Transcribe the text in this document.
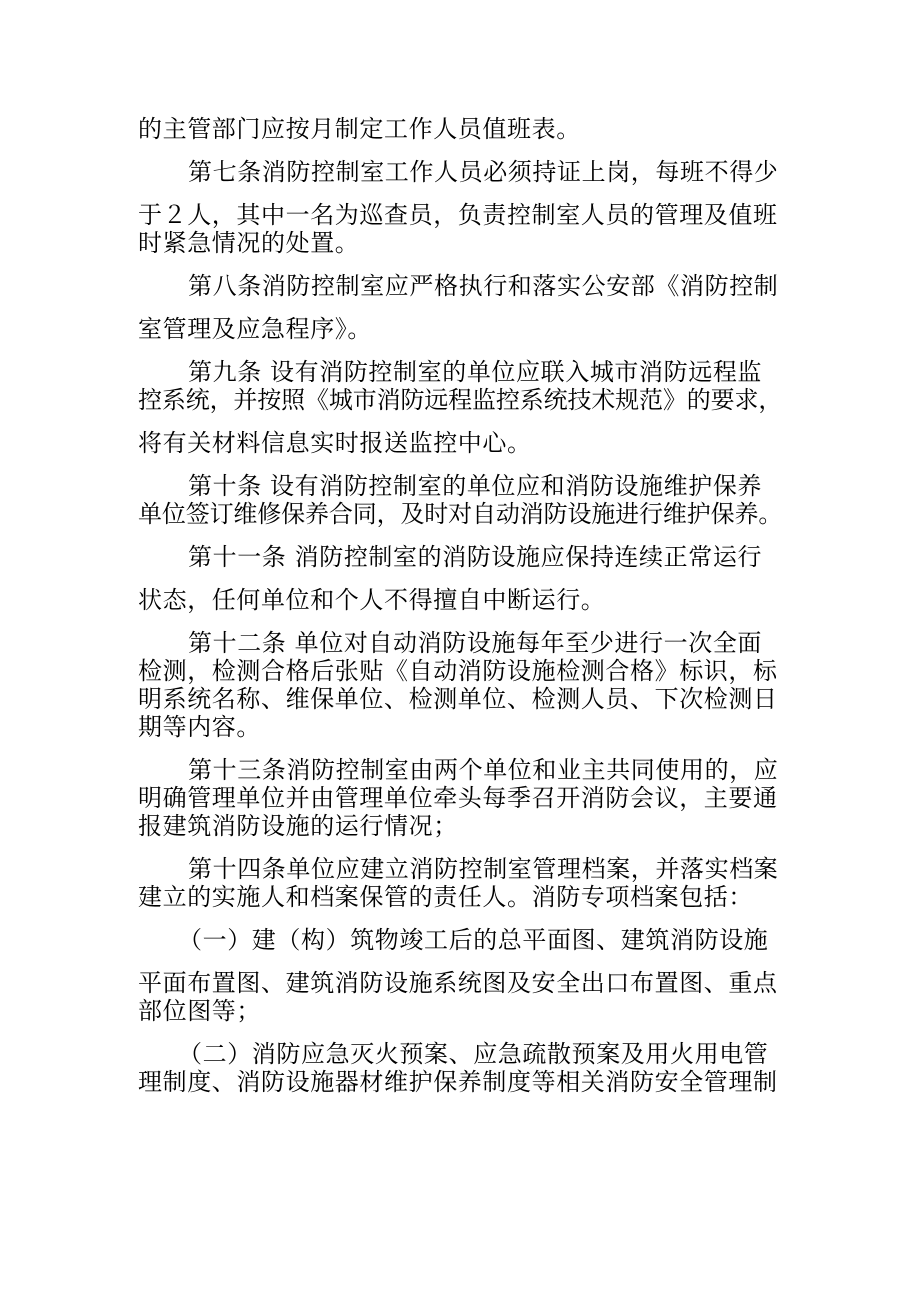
的主管部门应按月制定工作人员值班表。
第七条消防控制室工作人员必须持证上岗，每班不得少
于２人，其中一名为巡查员，负责控制室人员的管理及值班
时紧急情况的处置。
第八条消防控制室应严格执行和落实公安部《消防控制
室管理及应急程序》。
第九条 设有消防控制室的单位应联入城市消防远程监
控系统，并按照《城市消防远程监控系统技术规范》的要求，
将有关材料信息实时报送监控中心。
第十条 设有消防控制室的单位应和消防设施维护保养
单位签订维修保养合同，及时对自动消防设施进行维护保养。
第十一条 消防控制室的消防设施应保持连续正常运行
状态，任何单位和个人不得擅自中断运行。
第十二条 单位对自动消防设施每年至少进行一次全面
检测，检测合格后张贴《自动消防设施检测合格》标识，标
明系统名称、维保单位、检测单位、检测人员、下次检测日
期等内容。
第十三条消防控制室由两个单位和业主共同使用的，应
明确管理单位并由管理单位牵头每季召开消防会议，主要通
报建筑消防设施的运行情况；
第十四条单位应建立消防控制室管理档案，并落实档案
建立的实施人和档案保管的责任人。消防专项档案包括：
（一）建（构）筑物竣工后的总平面图、建筑消防设施
平面布置图、建筑消防设施系统图及安全出口布置图、重点
部位图等；
（二）消防应急灭火预案、应急疏散预案及用火用电管
理制度、消防设施器材维护保养制度等相关消防安全管理制
